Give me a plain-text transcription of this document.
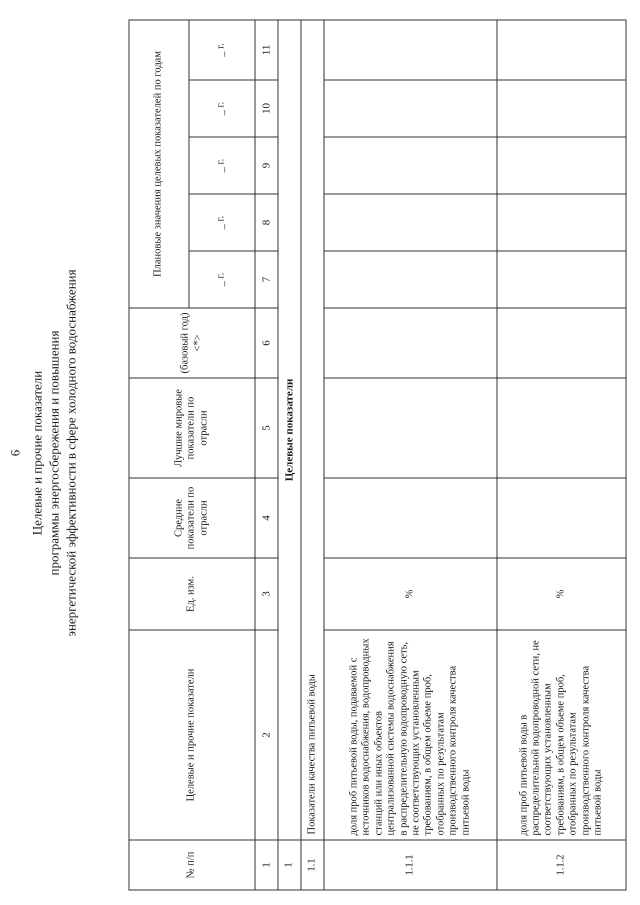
6 Целевые и прочие показатели программы энергосбережения и повышения энергетической эффективности в сфере холодного водоснабжения
№ п/п	Целевые и прочие показатели	Ед. изм.	Средние показатели по отрасли	Лучшие мировые показатели по отрасли	(базовый год) <*>	Плановые значения целевых показателей по годам				
						_ г.	_ г.	_ г.	_ г.	_ г.
1	2	3	4	5	6	7	8	9	10	11
1	Целевые показатели									
1.1	Показатели качества питьевой воды									
1.1.1	доля проб питьевой воды, подаваемой с источников водоснабжения, водопроводных станций или иных объектов централизованной системы водоснабжения в распределительную водопроводную сеть, не соответствующих установленным требованиям, в общем объеме проб, отобранных по результатам производственного контроля качества питьевой воды	%								
1.1.2	доля проб питьевой воды в распределительной водопроводной сети, не соответствующих установленным требованиям, в общем объеме проб, отобранных по результатам производственного контроля качества питьевой воды	%								
